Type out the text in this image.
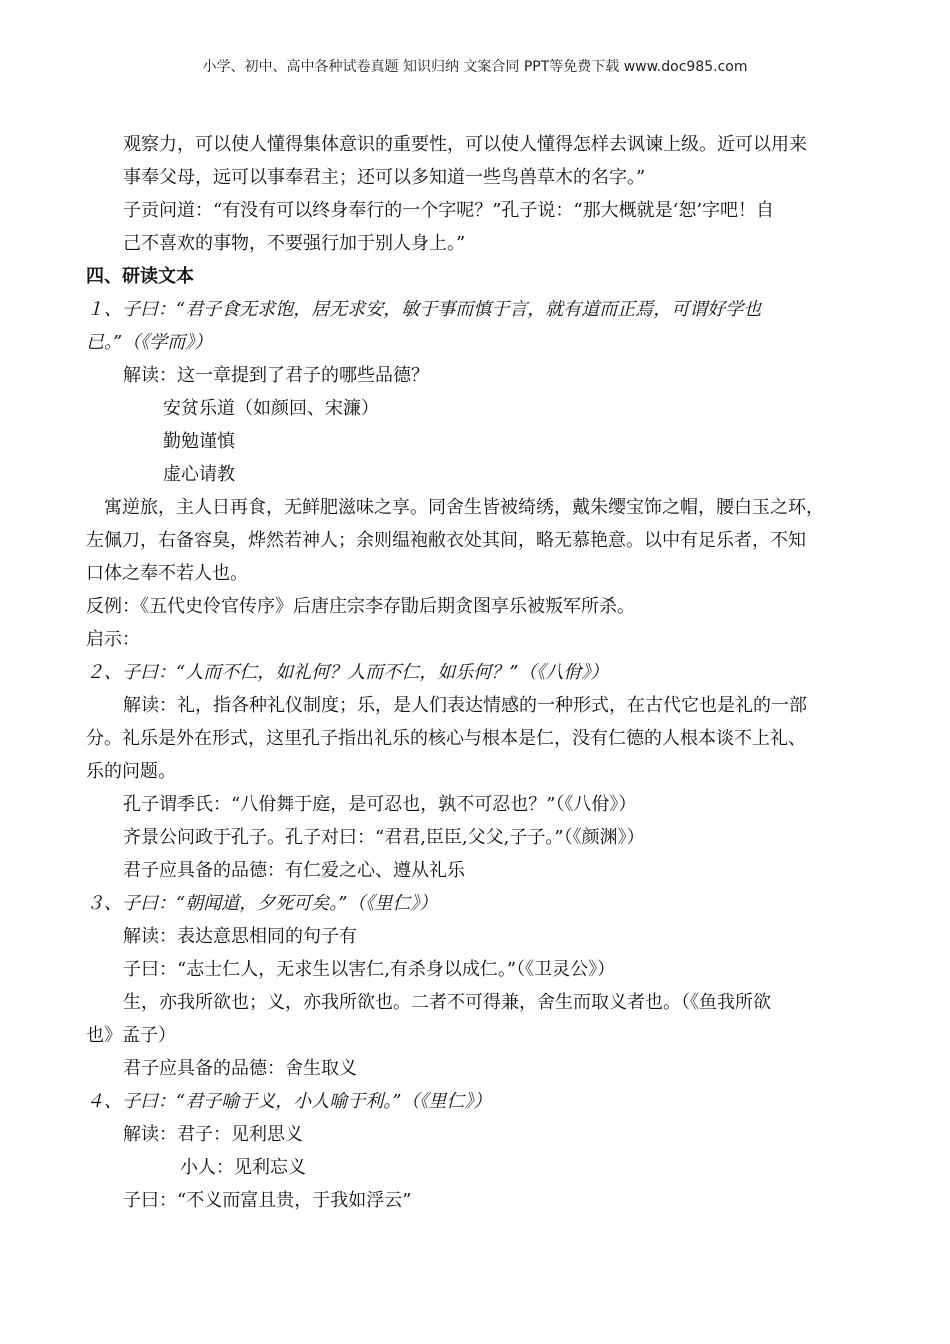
小学、初中、高中各种试卷真题 知识归纳 文案合同 PPT等免费下载 www.doc985.com
观察力，可以使人懂得集体意识的重要性，可以使人懂得怎样去讽谏上级。近可以用来
事奉父母，远可以事奉君主；还可以多知道一些鸟兽草木的名字。”
子贡问道：“有没有可以终身奉行的一个字呢？”孔子说：“那大概就是‘恕’字吧！自
己不喜欢的事物，不要强行加于别人身上。”
四、研读文本
１、子曰：“君子食无求饱，居无求安，敏于事而慎于言，就有道而正焉，可谓好学也
已。”（《学而》）
解读：这一章提到了君子的哪些品德？
安贫乐道（如颜回、宋濂）
勤勉谨慎
虚心请教
寓逆旅，主人日再食，无鲜肥滋味之享。同舍生皆被绮绣，戴朱缨宝饰之帽，腰白玉之环，
左佩刀，右备容臭，烨然若神人；余则缊袍敝衣处其间，略无慕艳意。以中有足乐者，不知
口体之奉不若人也。
反例：《五代史伶官传序》后唐庄宗李存勖后期贪图享乐被叛军所杀。
启示：
２、子曰：“人而不仁，如礼何？人而不仁，如乐何？”（《八佾》）
解读：礼，指各种礼仪制度；乐，是人们表达情感的一种形式，在古代它也是礼的一部
分。礼乐是外在形式，这里孔子指出礼乐的核心与根本是仁，没有仁德的人根本谈不上礼、
乐的问题。
孔子谓季氏：“八佾舞于庭，是可忍也，孰不可忍也？”（《八佾》）
齐景公问政于孔子。孔子对曰：“君君,臣臣,父父,子子。”（《颜渊》）
君子应具备的品德：有仁爱之心、遵从礼乐
３、子曰：“朝闻道，夕死可矣。”（《里仁》）
解读：表达意思相同的句子有
子曰：“志士仁人，无求生以害仁,有杀身以成仁。”（《卫灵公》）
生，亦我所欲也；义，亦我所欲也。二者不可得兼，舍生而取义者也。（《鱼我所欲
也》孟子）
君子应具备的品德：舍生取义
４、子曰：“君子喻于义，小人喻于利。”（《里仁》）
解读：君子：见利思义
小人：见利忘义
子曰：“不义而富且贵，于我如浮云”
